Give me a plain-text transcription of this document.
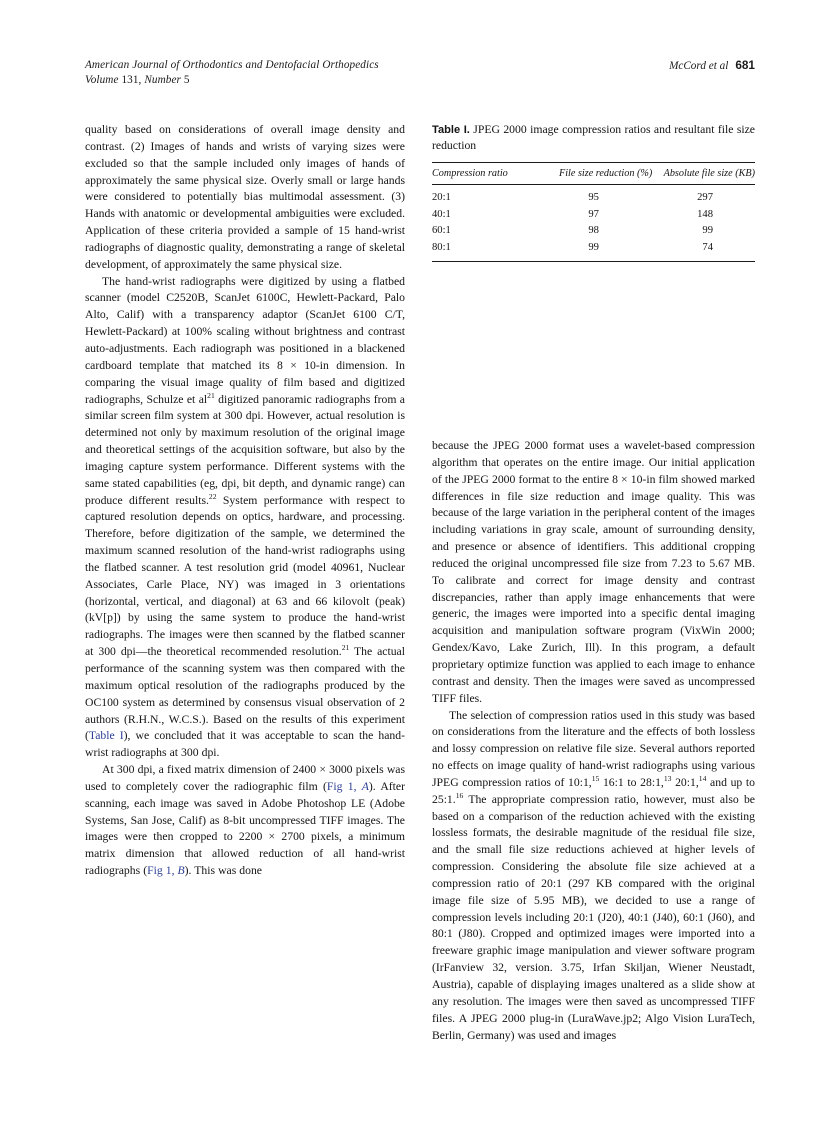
American Journal of Orthodontics and Dentofacial Orthopedics
Volume 131, Number 5
McCord et al 681

quality based on considerations of overall image density and contrast. (2) Images of hands and wrists of varying sizes were excluded so that the sample included only images of hands of approximately the same physical size. Overly small or large hands were considered to potentially bias multimodal assessment. (3) Hands with anatomic or developmental ambiguities were excluded. Application of these criteria provided a sample of 15 hand-wrist radiographs of diagnostic quality, demonstrating a range of skeletal development, of approximately the same physical size.

The hand-wrist radiographs were digitized by using a flatbed scanner (model C2520B, ScanJet 6100C, Hewlett-Packard, Palo Alto, Calif) with a transparency adaptor (ScanJet 6100 C/T, Hewlett-Packard) at 100% scaling without brightness and contrast auto-adjustments. Each radiograph was positioned in a blackened cardboard template that matched its 8 × 10-in dimension. In comparing the visual image quality of film based and digitized radiographs, Schulze et $al^{21}$ digitized panoramic radiographs from a similar screen film system at 300 dpi. However, actual resolution is determined not only by maximum resolution of the original image and theoretical settings of the acquisition software, but also by the imaging capture system performance. Different systems with the same stated capabilities (eg, dpi, bit depth, and dynamic range) can produce different results.$^{22}$ System performance with respect to captured resolution depends on optics, hardware, and processing. Therefore, before digitization of the sample, we determined the maximum scanned resolution of the hand-wrist radiographs using the flatbed scanner. A test resolution grid (model 40961, Nuclear Associates, Carle Place, NY) was imaged in 3 orientations (horizontal, vertical, and diagonal) at 63 and 66 kilovolt (peak) (kV[p]) by using the same system to produce the hand-wrist radiographs. The images were then scanned by the flatbed scanner at 300 dpi—the theoretical recommended resolution.$^{21}$ The actual performance of the scanning system was then compared with the maximum optical resolution of the radiographs produced by the OC100 system as determined by consensus visual observation of 2 authors (R.H.N., W.C.S.). Based on the results of this experiment (Table I), we concluded that it was acceptable to scan the hand-wrist radiographs at 300 dpi.

At 300 dpi, a fixed matrix dimension of 2400 × 3000 pixels was used to completely cover the radiographic film (Fig 1, A). After scanning, each image was saved in Adobe Photoshop LE (Adobe Systems, San Jose, Calif) as 8-bit uncompressed TIFF images. The images were then cropped to 2200 × 2700 pixels, a minimum matrix dimension that allowed reduction of all hand-wrist radiographs (Fig 1, B). This was done

Table I. JPEG 2000 image compression ratios and resultant file size reduction

Compression ratio	File size reduction (%)	Absolute file size (KB)
20:1	95	297
40:1	97	148
60:1	98	99
80:1	99	74

because the JPEG 2000 format uses a wavelet-based compression algorithm that operates on the entire image. Our initial application of the JPEG 2000 format to the entire 8 × 10-in film showed marked differences in file size reduction and image quality. This was because of the large variation in the peripheral content of the images including variations in gray scale, amount of surrounding density, and presence or absence of identifiers. This additional cropping reduced the original uncompressed file size from 7.23 to 5.67 MB. To calibrate and correct for image density and contrast discrepancies, rather than apply image enhancements that were generic, the images were imported into a specific dental imaging acquisition and manipulation software program (VixWin 2000; Gendex/Kavo, Lake Zurich, Ill). In this program, a default proprietary optimize function was applied to each image to enhance contrast and density. Then the images were saved as uncompressed TIFF files.

The selection of compression ratios used in this study was based on considerations from the literature and the effects of both lossless and lossy compression on relative file size. Several authors reported no effects on image quality of hand-wrist radiographs using various JPEG compression ratios of 10:1,15 16:1 to 28:1,13 20:1,14 and up to 25:1.16 The appropriate compression ratio, however, must also be based on a comparison of the reduction achieved with the existing lossless formats, the desirable magnitude of the residual file size, and the small file size reductions achieved at higher levels of compression. Considering the absolute file size achieved at a compression ratio of 20:1 (297 KB compared with the original image file size of 5.95 MB), we decided to use a range of compression levels including 20:1 (J20), 40:1 (J40), 60:1 (J60), and 80:1 (J80). Cropped and optimized images were imported into a freeware graphic image manipulation and viewer software program (IrFanview 32, version. 3.75, Irfan Skiljan, Wiener Neustadt, Austria), capable of displaying images unaltered as a slide show at any resolution. The images were then saved as uncompressed TIFF files. A JPEG 2000 plug-in (LuraWave.jp2; Algo Vision LuraTech, Berlin, Germany) was used and images
